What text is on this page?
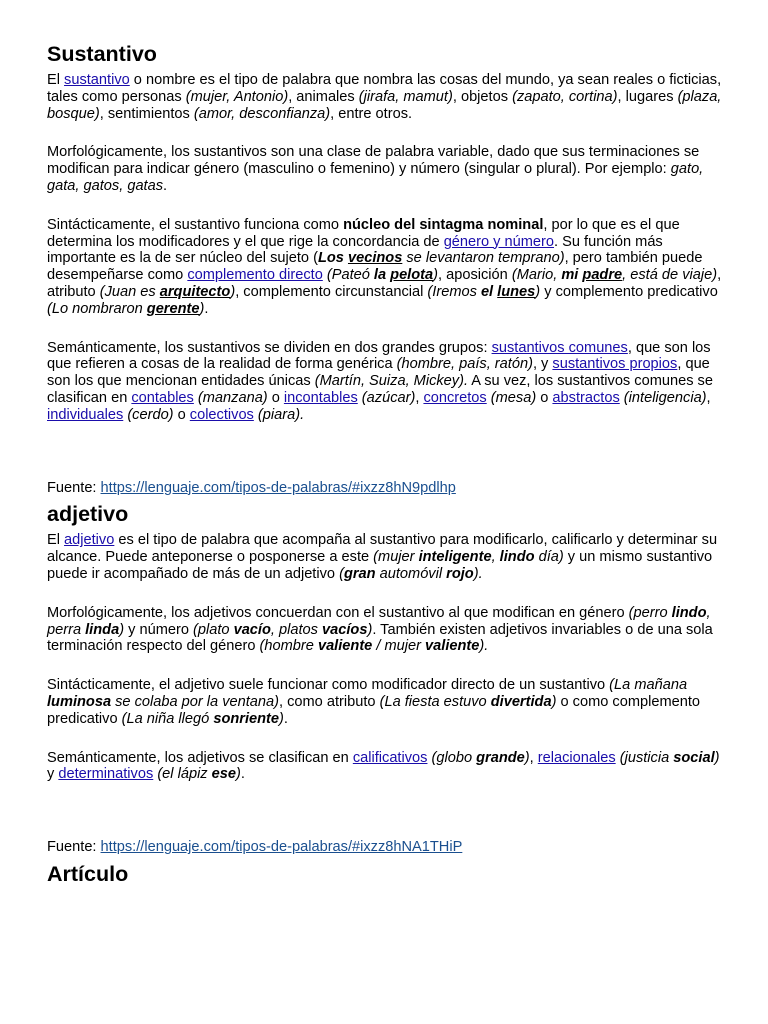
Sustantivo

El sustantivo o nombre es el tipo de palabra que nombra las cosas del mundo, ya sean reales o ficticias, tales como personas (mujer, Antonio), animales (jirafa, mamut), objetos (zapato, cortina), lugares (plaza, bosque), sentimientos (amor, desconfianza), entre otros.

Morfológicamente, los sustantivos son una clase de palabra variable, dado que sus terminaciones se modifican para indicar género (masculino o femenino) y número (singular o plural). Por ejemplo: gato, gata, gatos, gatas.

Sintácticamente, el sustantivo funciona como núcleo del sintagma nominal, por lo que es el que determina los modificadores y el que rige la concordancia de género y número. Su función más importante es la de ser núcleo del sujeto (Los vecinos se levantaron temprano), pero también puede desempeñarse como complemento directo (Pateó la pelota), aposición (Mario, mi padre, está de viaje), atributo (Juan es arquitecto), complemento circunstancial (Iremos el lunes) y complemento predicativo (Lo nombraron gerente).

Semánticamente, los sustantivos se dividen en dos grandes grupos: sustantivos comunes, que son los que refieren a cosas de la realidad de forma genérica (hombre, país, ratón), y sustantivos propios, que son los que mencionan entidades únicas (Martín, Suiza, Mickey). A su vez, los sustantivos comunes se clasifican en contables (manzana) o incontables (azúcar), concretos (mesa) o abstractos (inteligencia), individuales (cerdo) o colectivos (piara).

Fuente: https://lenguaje.com/tipos-de-palabras/#ixzz8hN9pdlhp
adjetivo

El adjetivo es el tipo de palabra que acompaña al sustantivo para modificarlo, calificarlo y determinar su alcance. Puede anteponerse o posponerse a este (mujer inteligente, lindo día) y un mismo sustantivo puede ir acompañado de más de un adjetivo (gran automóvil rojo).

Morfológicamente, los adjetivos concuerdan con el sustantivo al que modifican en género (perro lindo, perra linda) y número (plato vacío, platos vacíos). También existen adjetivos invariables o de una sola terminación respecto del género (hombre valiente / mujer valiente).

Sintácticamente, el adjetivo suele funcionar como modificador directo de un sustantivo (La mañana luminosa se colaba por la ventana), como atributo (La fiesta estuvo divertida) o como complemento predicativo (La niña llegó sonriente).

Semánticamente, los adjetivos se clasifican en calificativos (globo grande), relacionales (justicia social) y determinativos (el lápiz ese).

Fuente: https://lenguaje.com/tipos-de-palabras/#ixzz8hNA1THiP
Artículo
